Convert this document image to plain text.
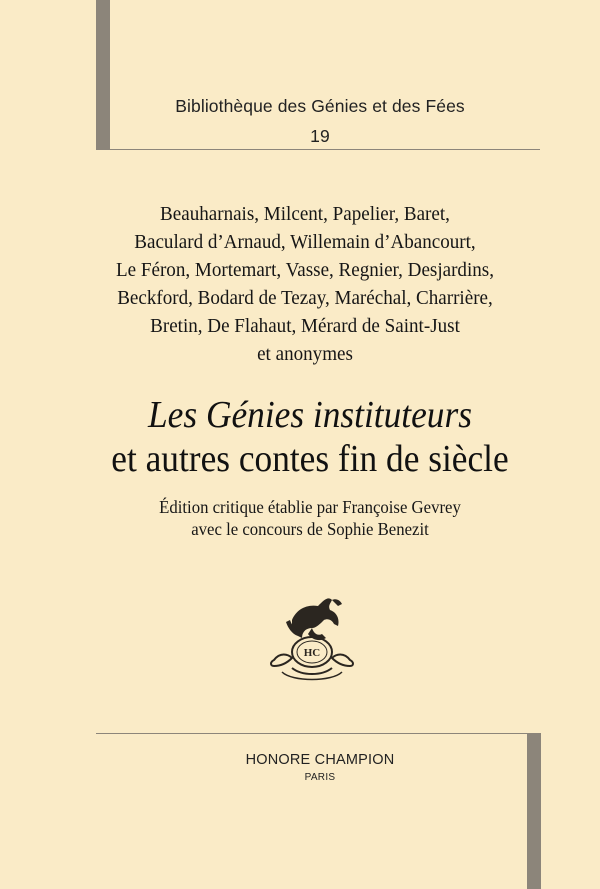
Bibliothèque des Génies et des Fées
19
Beauharnais, Milcent, Papelier, Baret,
Baculard d’Arnaud, Willemain d’Abancourt,
Le Féron, Mortemart, Vasse, Regnier, Desjardins,
Beckford, Bodard de Tezay, Maréchal, Charrière,
Bretin, De Flahaut, Mérard de Saint-Just
et anonymes
Les Génies instituteurs
et autres contes fin de siècle
Édition critique établie par Françoise Gevrey
avec le concours de Sophie Benezit
HC
HONORE CHAMPION
PARIS
